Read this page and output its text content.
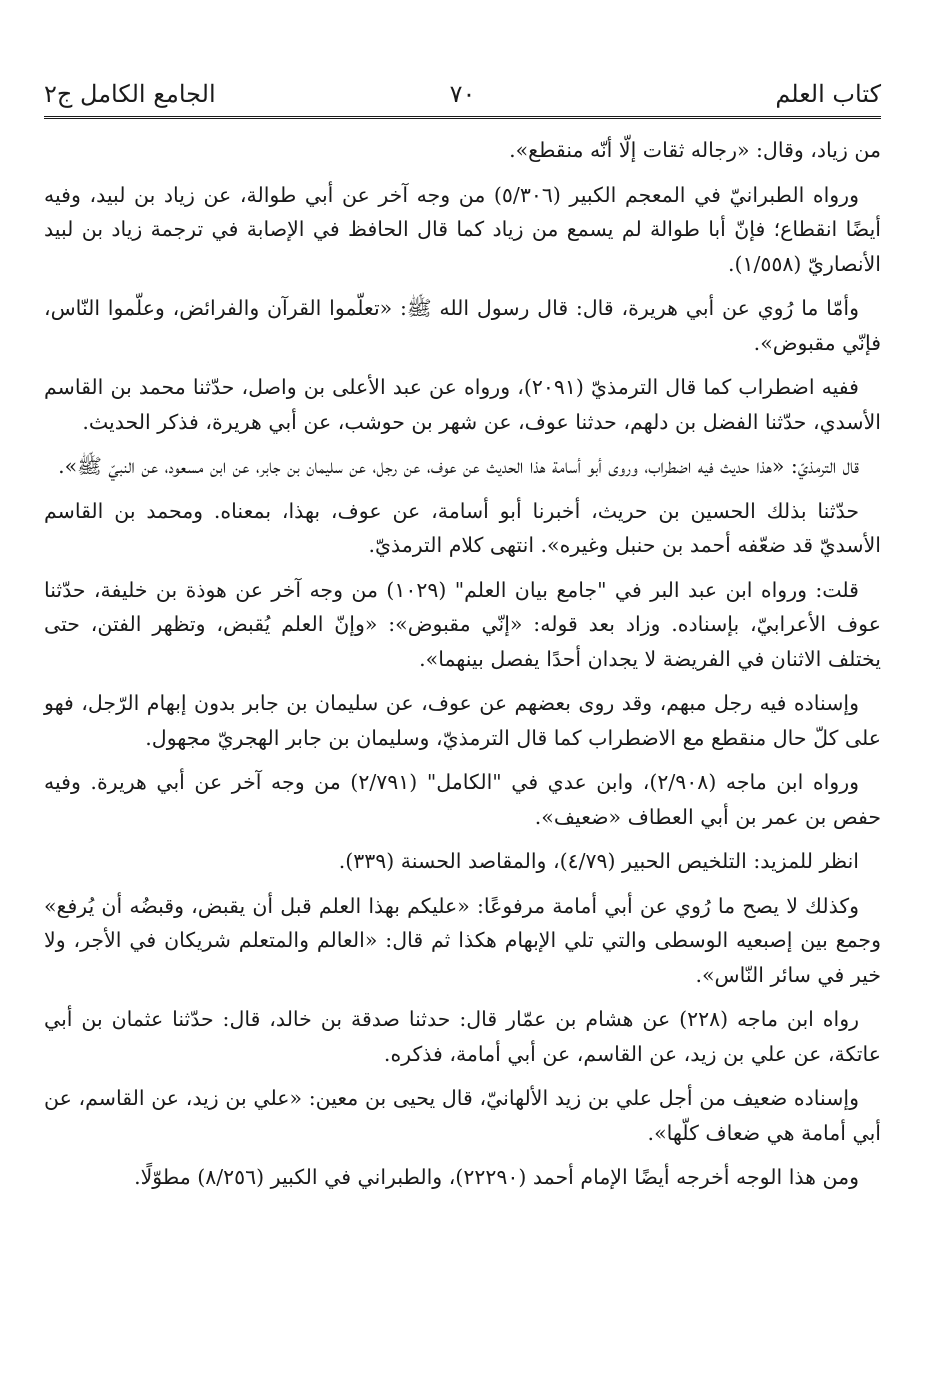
كتاب العلم
٧٠
الجامع الكامل ج٢

من زياد، وقال: «رجاله ثقات إلّا أنّه منقطع».

ورواه الطبرانيّ في المعجم الكبير (٥/٣٠٦) من وجه آخر عن أبي طوالة، عن زياد بن لبيد، وفيه أيضًا انقطاع؛ فإنّ أبا طوالة لم يسمع من زياد كما قال الحافظ في الإصابة في ترجمة زياد بن لبيد الأنصاريّ (١/٥٥٨).

وأمّا ما رُوي عن أبي هريرة، قال: قال رسول الله ﷺ: «تعلّموا القرآن والفرائض، وعلّموا النّاس، فإنّي مقبوض».

ففيه اضطراب كما قال الترمذيّ (٢٠٩١)، ورواه عن عبد الأعلى بن واصل، حدّثنا محمد بن القاسم الأسدي، حدّثنا الفضل بن دلهم، حدثنا عوف، عن شهر بن حوشب، عن أبي هريرة، فذكر الحديث.

قال الترمذيّ: «هذا حديث فيه اضطراب، وروى أبو أسامة هذا الحديث عن عوف، عن رجل، عن سليمان بن جابر، عن ابن مسعود، عن النبيّ ﷺ».

حدّثنا بذلك الحسين بن حريث، أخبرنا أبو أسامة، عن عوف، بهذا، بمعناه. ومحمد بن القاسم الأسديّ قد ضعّفه أحمد بن حنبل وغيره». انتهى كلام الترمذيّ.

قلت: ورواه ابن عبد البر في "جامع بيان العلم" (١٠٢٩) من وجه آخر عن هوذة بن خليفة، حدّثنا عوف الأعرابيّ، بإسناده. وزاد بعد قوله: «إنّي مقبوض»: «وإنّ العلم يُقبض، وتظهر الفتن، حتى يختلف الاثنان في الفريضة لا يجدان أحدًا يفصل بينهما».

وإسناده فيه رجل مبهم، وقد روى بعضهم عن عوف، عن سليمان بن جابر بدون إبهام الرّجل، فهو على كلّ حال منقطع مع الاضطراب كما قال الترمذيّ، وسليمان بن جابر الهجريّ مجهول.

ورواه ابن ماجه (٢/٩٠٨)، وابن عدي في "الكامل" (٢/٧٩١) من وجه آخر عن أبي هريرة. وفيه حفص بن عمر بن أبي العطاف «ضعيف».

انظر للمزيد: التلخيص الحبير (٤/٧٩)، والمقاصد الحسنة (٣٣٩).

وكذلك لا يصح ما رُوي عن أبي أمامة مرفوعًا: «عليكم بهذا العلم قبل أن يقبض، وقبضُه أن يُرفع» وجمع بين إصبعيه الوسطى والتي تلي الإبهام هكذا ثم قال: «العالم والمتعلم شريكان في الأجر، ولا خير في سائر النّاس».

رواه ابن ماجه (٢٢٨) عن هشام بن عمّار قال: حدثنا صدقة بن خالد، قال: حدّثنا عثمان بن أبي عاتكة، عن علي بن زيد، عن القاسم، عن أبي أمامة، فذكره.

وإسناده ضعيف من أجل علي بن زيد الألهانيّ، قال يحيى بن معين: «علي بن زيد، عن القاسم، عن أبي أمامة هي ضعاف كلّها».

ومن هذا الوجه أخرجه أيضًا الإمام أحمد (٢٢٢٩٠)، والطبراني في الكبير (٨/٢٥٦) مطوّلًا.
